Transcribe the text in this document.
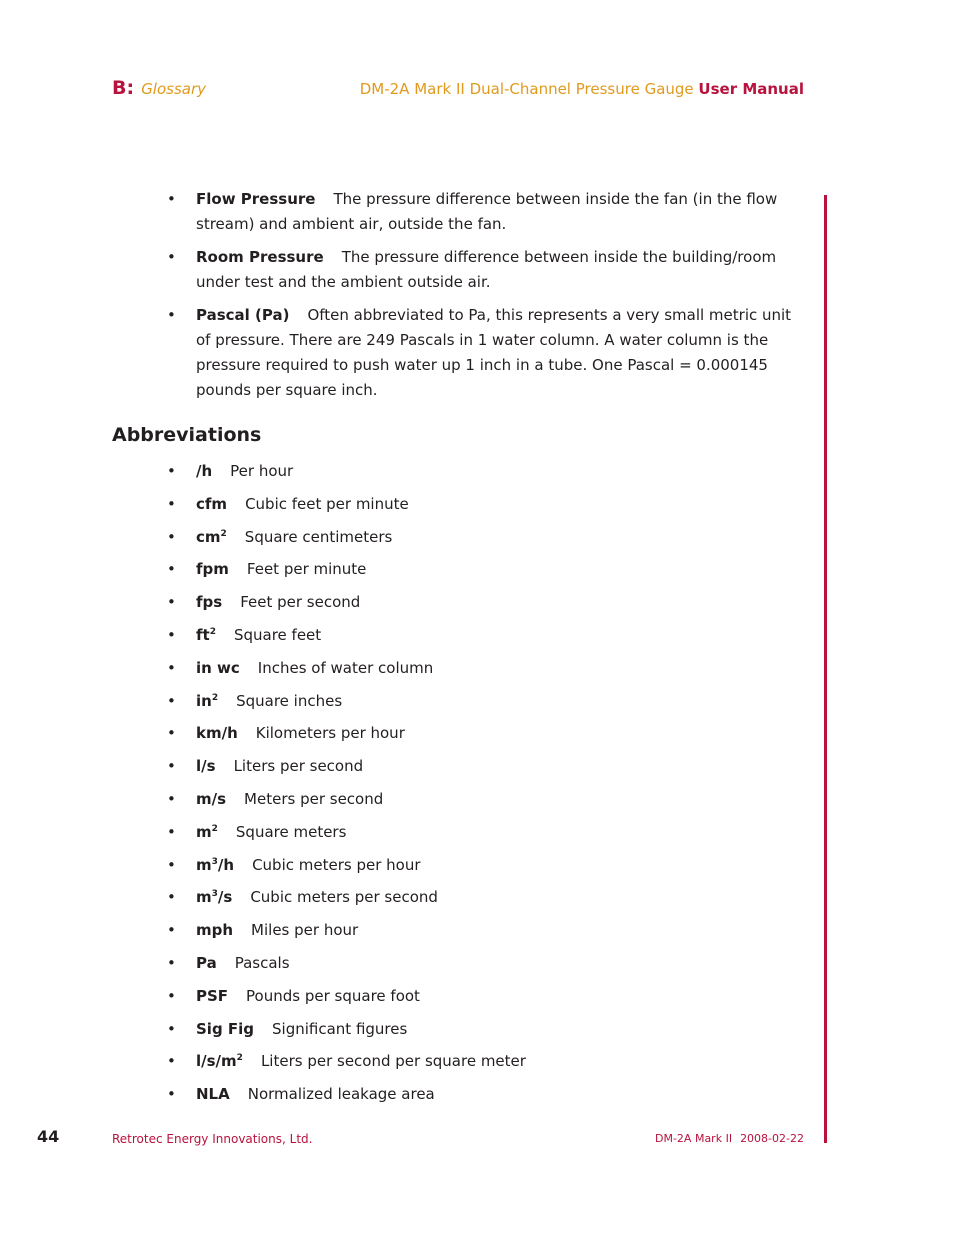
B: Glossary	DM-2A Mark II Dual-Channel Pressure Gauge User Manual
• Flow Pressure The pressure difference between inside the fan (in the flow stream) and ambient air, outside the fan.
• Room Pressure The pressure difference between inside the building/room under test and the ambient outside air.
• Pascal (Pa) Often abbreviated to Pa, this represents a very small metric unit of pressure. There are 249 Pascals in 1 water column. A water column is the pressure required to push water up 1 inch in a tube. One Pascal = 0.000145 pounds per square inch.
Abbreviations
• /h Per hour
• cfm Cubic feet per minute
• $cm^2$ Square centimeters
• fpm Feet per minute
• fps Feet per second
• $ft^2$ Square feet
• in wc Inches of water column
• $in^2$ Square inches
• km/h Kilometers per hour
• l/s Liters per second
• m/s Meters per second
• $m^2$ Square meters
• $m^3/h$ Cubic meters per hour
• $m^3/s$ Cubic meters per second
• mph Miles per hour
• Pa Pascals
• PSF Pounds per square foot
• Sig Fig Significant figures
• $l/s/m^2$ Liters per second per square meter
• NLA Normalized leakage area
44	Retrotec Energy Innovations, Ltd.	DM-2A Mark II 2008-02-22
